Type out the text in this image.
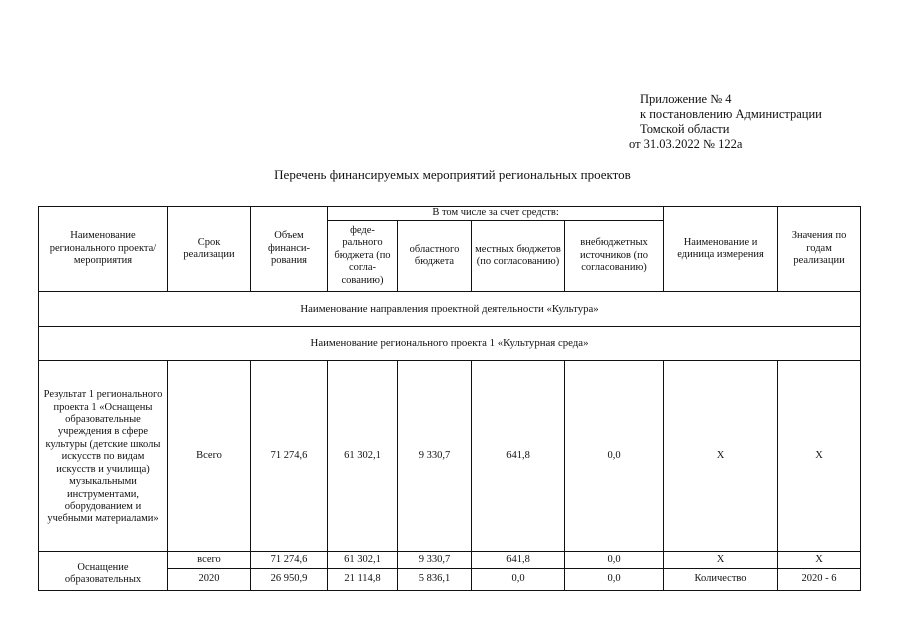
Приложение № 4
к постановлению Администрации
Томской области
от 31.03.2022 № 122а
Перечень финансируемых мероприятий региональных проектов
Наименование регионального проекта/ мероприятия	Срок реализации	Объем финанси-рования	В том числе за счет средств:				Наименование и единица измерения	Значения по годам реализации
			феде-рального бюджета (по согла-сованию)	областного бюджета	местных бюджетов (по согласованию)	внебюджетных источников (по согласованию)		
Наименование направления проектной деятельности «Культура»								
Наименование регионального проекта 1 «Культурная среда»								
Результат 1 регионального проекта 1 «Оснащены образовательные учреждения в сфере культуры (детские школы искусств по видам искусств и училища) музыкальными инструментами, оборудованием и учебными материалами»	Всего	71 274,6	61 302,1	9 330,7	641,8	0,0	X	X
Оснащение образовательных	всего	71 274,6	61 302,1	9 330,7	641,8	0,0	X	X
	2020	26 950,9	21 114,8	5 836,1	0,0	0,0	Количество	2020 - 6
